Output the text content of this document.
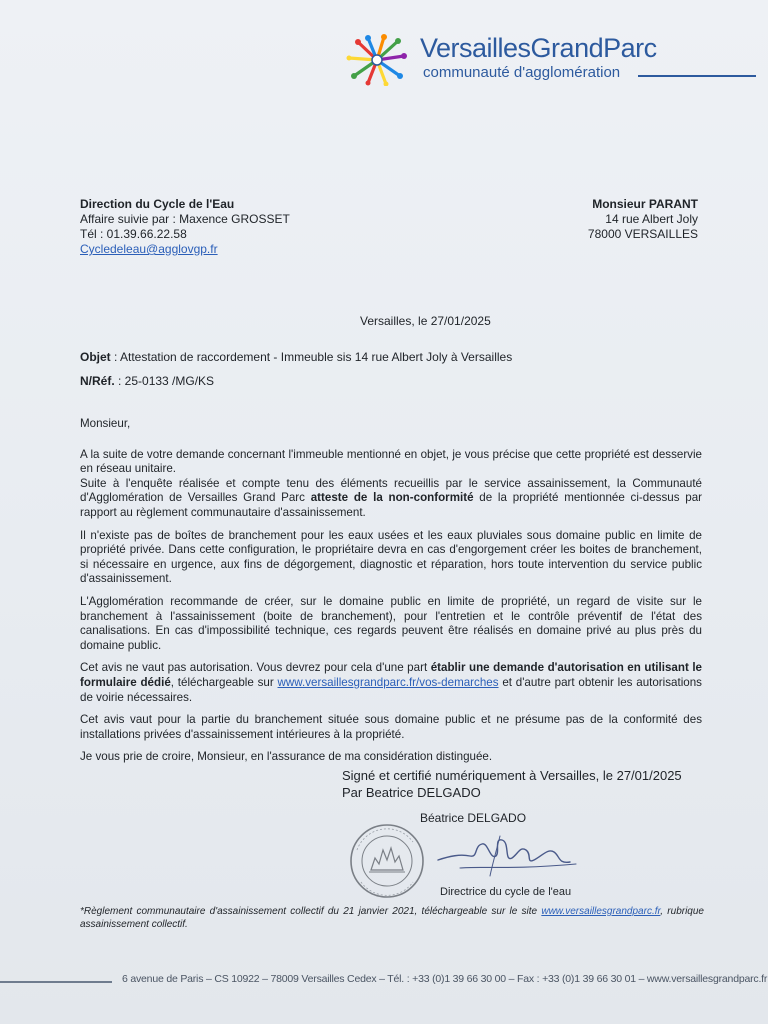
VersaillesGrandParc
communauté d'agglomération
Direction du Cycle de l'Eau
Affaire suivie par : Maxence GROSSET
Tél : 01.39.66.22.58
Cycledeleau@agglovgp.fr
Monsieur PARANT
14 rue Albert Joly
78000 VERSAILLES
Versailles, le 27/01/2025
Objet : Attestation de raccordement - Immeuble sis 14 rue Albert Joly à Versailles
N/Réf. : 25-0133 /MG/KS

Monsieur,

A la suite de votre demande concernant l'immeuble mentionné en objet, je vous précise que cette propriété est desservie en réseau unitaire.

Suite à l'enquête réalisée et compte tenu des éléments recueillis par le service assainissement, la Communauté d'Agglomération de Versailles Grand Parc atteste de la non-conformité de la propriété mentionnée ci-dessus par rapport au règlement communautaire d'assainissement.

Il n'existe pas de boîtes de branchement pour les eaux usées et les eaux pluviales sous domaine public en limite de propriété privée. Dans cette configuration, le propriétaire devra en cas d'engorgement créer les boites de branchement, si nécessaire en urgence, aux fins de dégorgement, diagnostic et réparation, hors toute intervention du service public d'assainissement.

L'Agglomération recommande de créer, sur le domaine public en limite de propriété, un regard de visite sur le branchement à l'assainissement (boite de branchement), pour l'entretien et le contrôle préventif de l'état des canalisations. En cas d'impossibilité technique, ces regards peuvent être réalisés en domaine privé au plus près du domaine public.

Cet avis ne vaut pas autorisation. Vous devrez pour cela d'une part établir une demande d'autorisation en utilisant le formulaire dédié, téléchargeable sur www.versaillesgrandparc.fr/vos-demarches et d'autre part obtenir les autorisations de voirie nécessaires.

Cet avis vaut pour la partie du branchement située sous domaine public et ne présume pas de la conformité des installations privées d'assainissement intérieures à la propriété.

Je vous prie de croire, Monsieur, en l'assurance de ma considération distinguée.

Signé et certifié numériquement à Versailles, le 27/01/2025
Par Beatrice DELGADO
Béatrice DELGADO
Directrice du cycle de l'eau
*Règlement communautaire d'assainissement collectif du 21 janvier 2021, téléchargeable sur le site www.versaillesgrandparc.fr, rubrique assainissement collectif.
6 avenue de Paris – CS 10922 – 78009 Versailles Cedex – Tél. : +33 (0)1 39 66 30 00 – Fax : +33 (0)1 39 66 30 01 – www.versaillesgrandparc.fr
